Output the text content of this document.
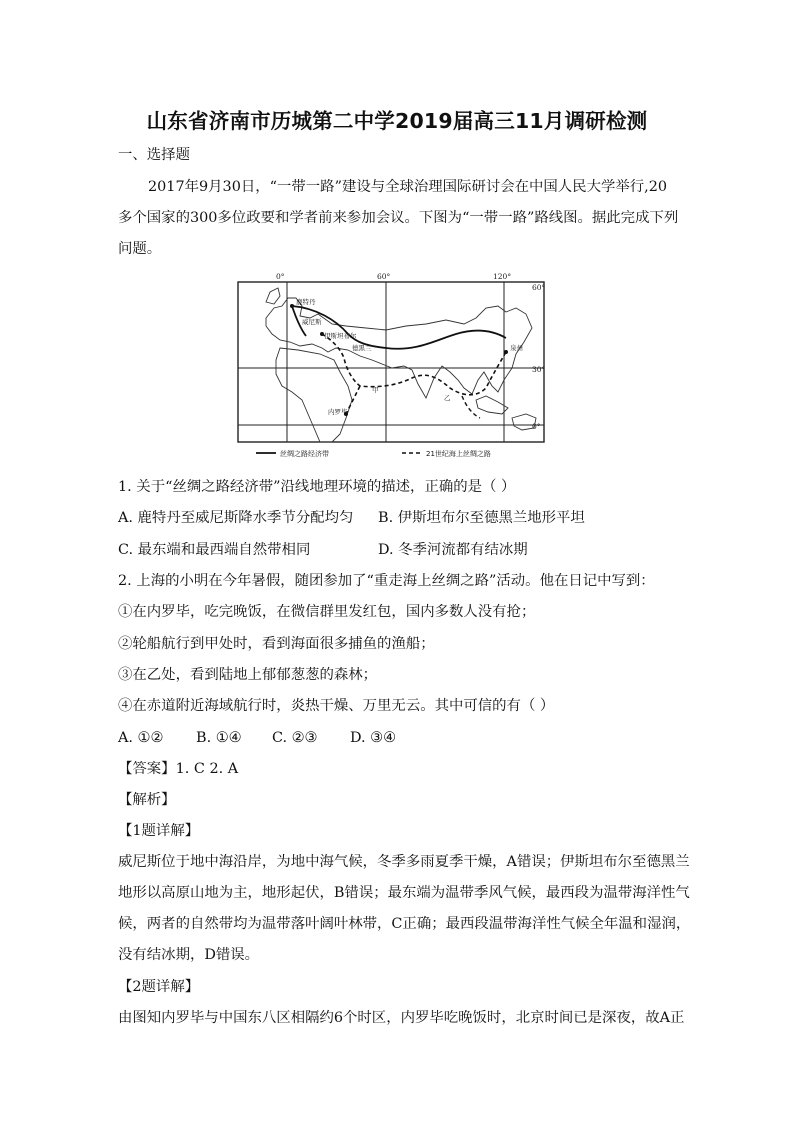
山东省济南市历城第二中学2019届高三11月调研检测
一、选择题
2017年9月30日，“一带一路”建设与全球治理国际研讨会在中国人民大学举行,20
多个国家的300多位政要和学者前来参加会议。下图为“一带一路”路线图。据此完成下列
问题。
0°	60°	120°
60°
30°
0°
鹿特丹
威尼斯
伊斯坦布尔
德黑兰
内罗毕
甲
乙
泉州
丝绸之路经济带	21世纪海上丝绸之路
1. 关于“丝绸之路经济带”沿线地理环境的描述，正确的是（ ）
A. 鹿特丹至威尼斯降水季节分配均匀	B. 伊斯坦布尔至德黑兰地形平坦
C. 最东端和最西端自然带相同	D. 冬季河流都有结冰期
2. 上海的小明在今年暑假，随团参加了“重走海上丝绸之路”活动。他在日记中写到：
①在内罗毕，吃完晚饭，在微信群里发红包，国内多数人没有抢；
②轮船航行到甲处时，看到海面很多捕鱼的渔船；
③在乙处，看到陆地上郁郁葱葱的森林；
④在赤道附近海域航行时，炎热干燥、万里无云。其中可信的有（ ）
A. ①②	B. ①④	C. ②③	D. ③④
【答案】1. C 2. A
【解析】
【1题详解】
威尼斯位于地中海沿岸，为地中海气候，冬季多雨夏季干燥，A错误；伊斯坦布尔至德黑兰
地形以高原山地为主，地形起伏，B错误；最东端为温带季风气候，最西段为温带海洋性气
候，两者的自然带均为温带落叶阔叶林带，C正确；最西段温带海洋性气候全年温和湿润，
没有结冰期，D错误。
【2题详解】
由图知内罗毕与中国东八区相隔约6个时区，内罗毕吃晚饭时，北京时间已是深夜，故A正
